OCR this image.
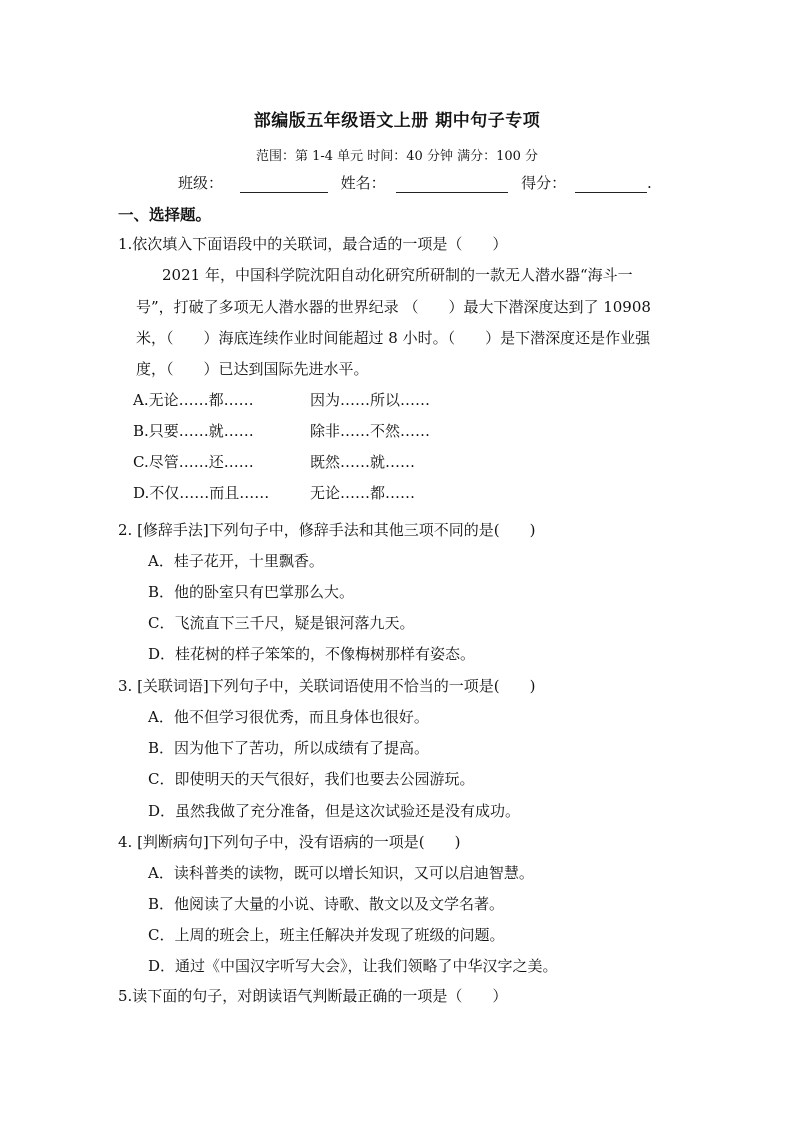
部编版五年级语文上册 期中句子专项
范围：第 1-4 单元 时间：40 分钟 满分：100 分
班级：	姓名：	得分：	.
一、选择题。
1.依次填入下面语段中的关联词，最合适的一项是（　　）
2021 年，中国科学院沈阳自动化研究所研制的一款无人潜水器“海斗一
号”，打破了多项无人潜水器的世界纪录 （　　）最大下潜深度达到了 10908
米，（　　）海底连续作业时间能超过 8 小时。（　　）是下潜深度还是作业强
度，（　　）已达到国际先进水平。
A.无论……都……	因为……所以……
B.只要……就……	除非……不然……
C.尽管……还……	既然……就……
D.不仅……而且……	无论……都……
2. [修辞手法]下列句子中，修辞手法和其他三项不同的是(　　)
A．桂子花开，十里飘香。
B．他的卧室只有巴掌那么大。
C．飞流直下三千尺，疑是银河落九天。
D．桂花树的样子笨笨的，不像梅树那样有姿态。
3. [关联词语]下列句子中，关联词语使用不恰当的一项是(　　)
A．他不但学习很优秀，而且身体也很好。
B．因为他下了苦功，所以成绩有了提高。
C．即使明天的天气很好，我们也要去公园游玩。
D．虽然我做了充分准备，但是这次试验还是没有成功。
4. [判断病句]下列句子中，没有语病的一项是(　　)
A．读科普类的读物，既可以增长知识，又可以启迪智慧。
B．他阅读了大量的小说、诗歌、散文以及文学名著。
C．上周的班会上，班主任解决并发现了班级的问题。
D．通过《中国汉字听写大会》，让我们领略了中华汉字之美。
5.读下面的句子，对朗读语气判断最正确的一项是（　　）
